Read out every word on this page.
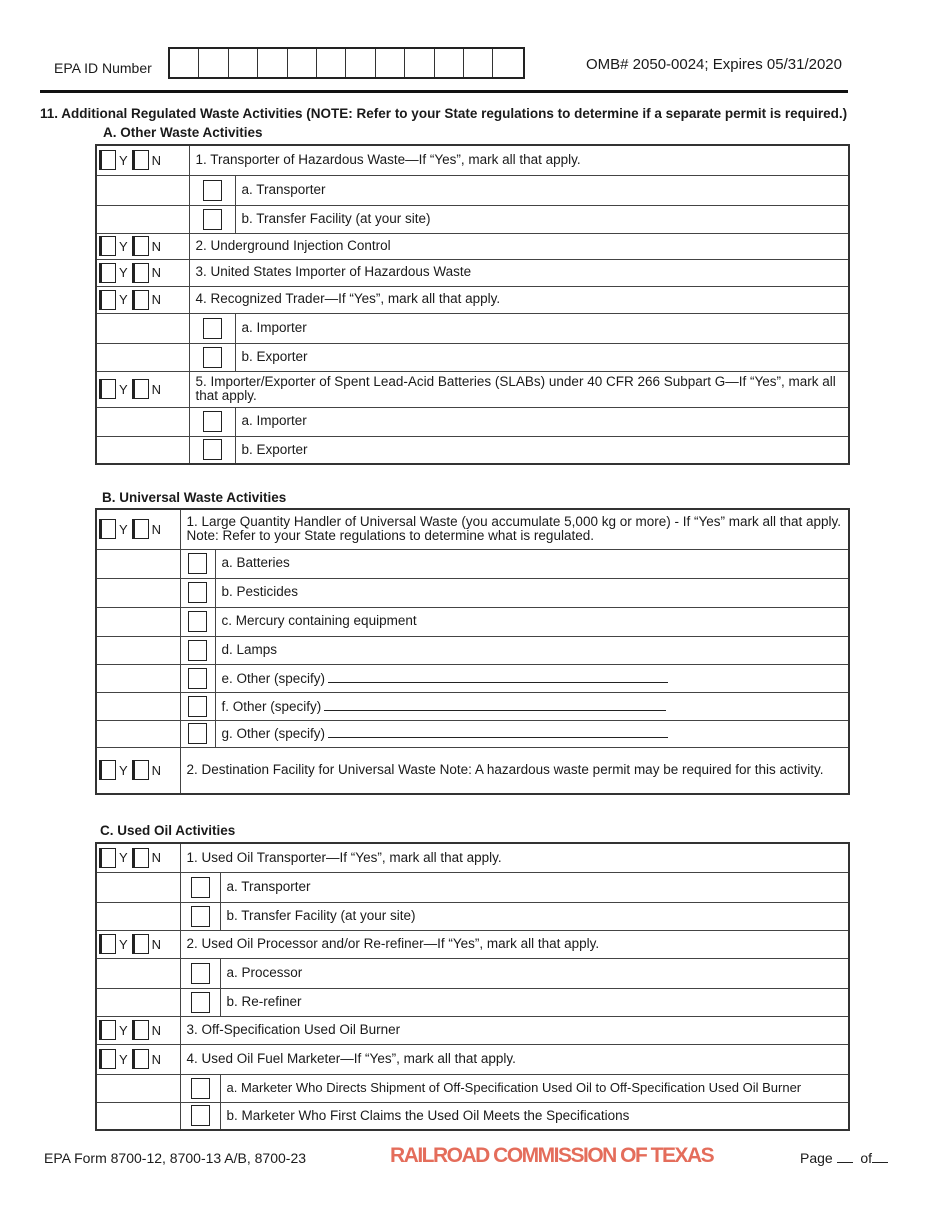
EPA ID Number	OMB# 2050-0024; Expires 05/31/2020
11. Additional Regulated Waste Activities (NOTE: Refer to your State regulations to determine if a separate permit is required.)
A. Other Waste Activities
Y N	1. Transporter of Hazardous Waste—If “Yes”, mark all that apply.	
		a. Transporter
		b. Transfer Facility (at your site)

Y N	2. Underground Injection Control	

Y N	3. United States Importer of Hazardous Waste	

Y N	4. Recognized Trader—If “Yes”, mark all that apply.	
		a. Importer
		b. Exporter

Y N	5. Importer/Exporter of Spent Lead-Acid Batteries (SLABs) under 40 CFR 266 Subpart G—If “Yes”, mark all that apply.	
		a. Importer
		b. Exporter
B. Universal Waste Activities
Y N	1. Large Quantity Handler of Universal Waste (you accumulate 5,000 kg or more) - If “Yes” mark all that apply. Note: Refer to your State regulations to determine what is regulated.	
		a. Batteries
		b. Pesticides
		c. Mercury containing equipment
		d. Lamps
		e. Other (specify)
		f. Other (specify)
		g. Other (specify)

Y N	2. Destination Facility for Universal Waste Note: A hazardous waste permit may be required for this activity.	
C. Used Oil Activities
Y N	1. Used Oil Transporter—If “Yes”, mark all that apply.	
		a. Transporter
		b. Transfer Facility (at your site)

Y N	2. Used Oil Processor and/or Re-refiner—If “Yes”, mark all that apply.	
		a. Processor
		b. Re-refiner

Y N	3. Off-Specification Used Oil Burner	

Y N	4. Used Oil Fuel Marketer—If “Yes”, mark all that apply.	
		a. Marketer Who Directs Shipment of Off-Specification Used Oil to Off-Specification Used Oil Burner
		b. Marketer Who First Claims the Used Oil Meets the Specifications
EPA Form 8700-12, 8700-13 A/B, 8700-23	RAILROAD COMMISSION OF TEXAS	Page of
